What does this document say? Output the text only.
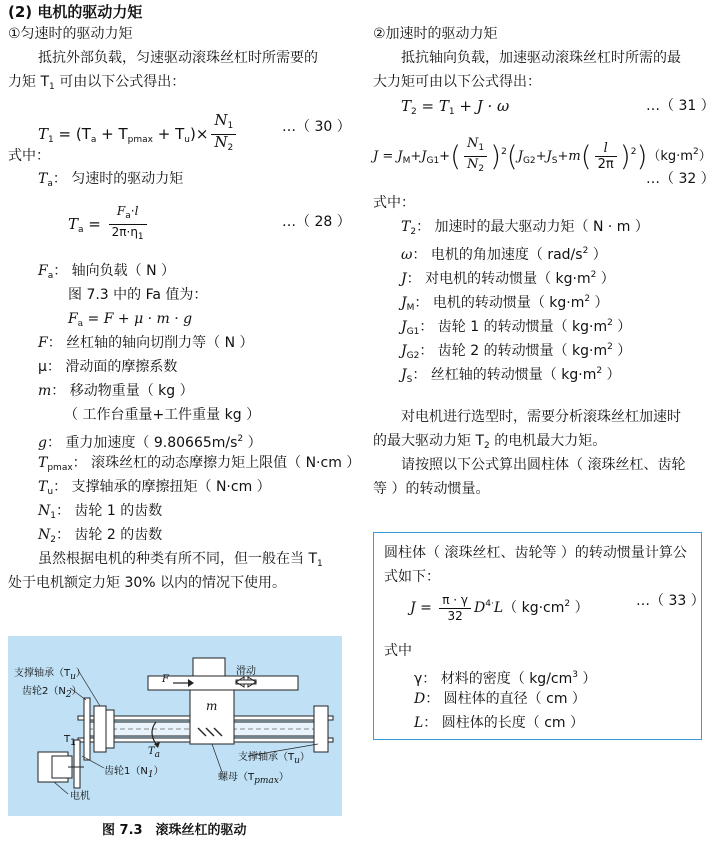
(2) 电机的驱动力矩
①匀速时的驱动力矩
抵抗外部负载，匀速驱动滚珠丝杠时所需要的
力矩 $T_1$ 可由以下公式得出：
$T_1 = (T_a + T_{pmax} + T_u)\times \frac{N_1}{N_2}$	…（ 30 ）
式中：
$T_a$： 匀速时的驱动力矩
$T_a = \frac{F_a\cdot l}{2\pi\cdot\eta_1}$	…（ 28 ）
$F_a$： 轴向负载（ N ）
图 7.3 中的 Fa 值为：
$F_a = F + \mu \cdot m \cdot g$
F： 丝杠轴的轴向切削力等（ N ）
μ： 滑动面的摩擦系数
m： 移动物重量（ kg ）
（ 工作台重量+工件重量 kg ）
g： 重力加速度（ $9.80665m/s^2$ ）
$T_{pmax}$： 滚珠丝杠的动态摩擦力矩上限值（ N·cm ）
$T_u$： 支撑轴承的摩擦扭矩（ N·cm ）
$N_1$： 齿轮 1 的齿数
$N_2$： 齿轮 2 的齿数
虽然根据电机的种类有所不同，但一般在当 $T_1$
处于电机额定力矩 30% 以内的情况下使用。
支撑轴承$(T_u)$
齿轮$2(N_2)$
$T_1$
齿轮$1(N_1)$
电机
F
滑动
m
$T_a$	支撑轴承$(T_u)$
螺母$(T_{pmax})$
图 7.3　滚珠丝杠的驱动
②加速时的驱动力矩
抵抗轴向负载，加速驱动滚珠丝杠时所需的最
大力矩可由以下公式得出：
$T_2 = T_1 + J \cdot \omega$	…（ 31 ）
$J = J_M+J_{G1}+( \frac{N_1}{N_2} )^2(J_{G2}+J_S+m( \frac{l}{2\pi} )^2)(kg\cdot m^2)$
…（ 32 ）
式中：
$T_2$： 加速时的最大驱动力矩（ N · m ）
ω： 电机的角加速度（ rad/$s^2$ ）
J： 对电机的转动惯量（ $kg\cdot m^2$ ）
$J_M$： 电机的转动惯量（ $kg\cdot m^2$ ）
$J_{G1}$： 齿轮 1 的转动惯量（ $kg\cdot m^2$ ）
$J_{G2}$： 齿轮 2 的转动惯量（ $kg\cdot m^2$ ）
$J_S$： 丝杠轴的转动惯量（ $kg\cdot m^2$ ）
对电机进行选型时，需要分析滚珠丝杠加速时
的最大驱动力矩 $T_2$ 的电机最大力矩。
请按照以下公式算出圆柱体（ 滚珠丝杠、齿轮
等 ）的转动惯量。
圆柱体（ 滚珠丝杠、齿轮等 ）的转动惯量计算公
式如下：
$J = \frac{\pi \cdot \gamma}{32} D^{4\cdot}L$（ $kg\cdot cm^2$ ）	…（ 33 ）
式中
γ： 材料的密度（ $kg/cm^3$ ）
D： 圆柱体的直径（ cm ）
L： 圆柱体的长度（ cm ）
